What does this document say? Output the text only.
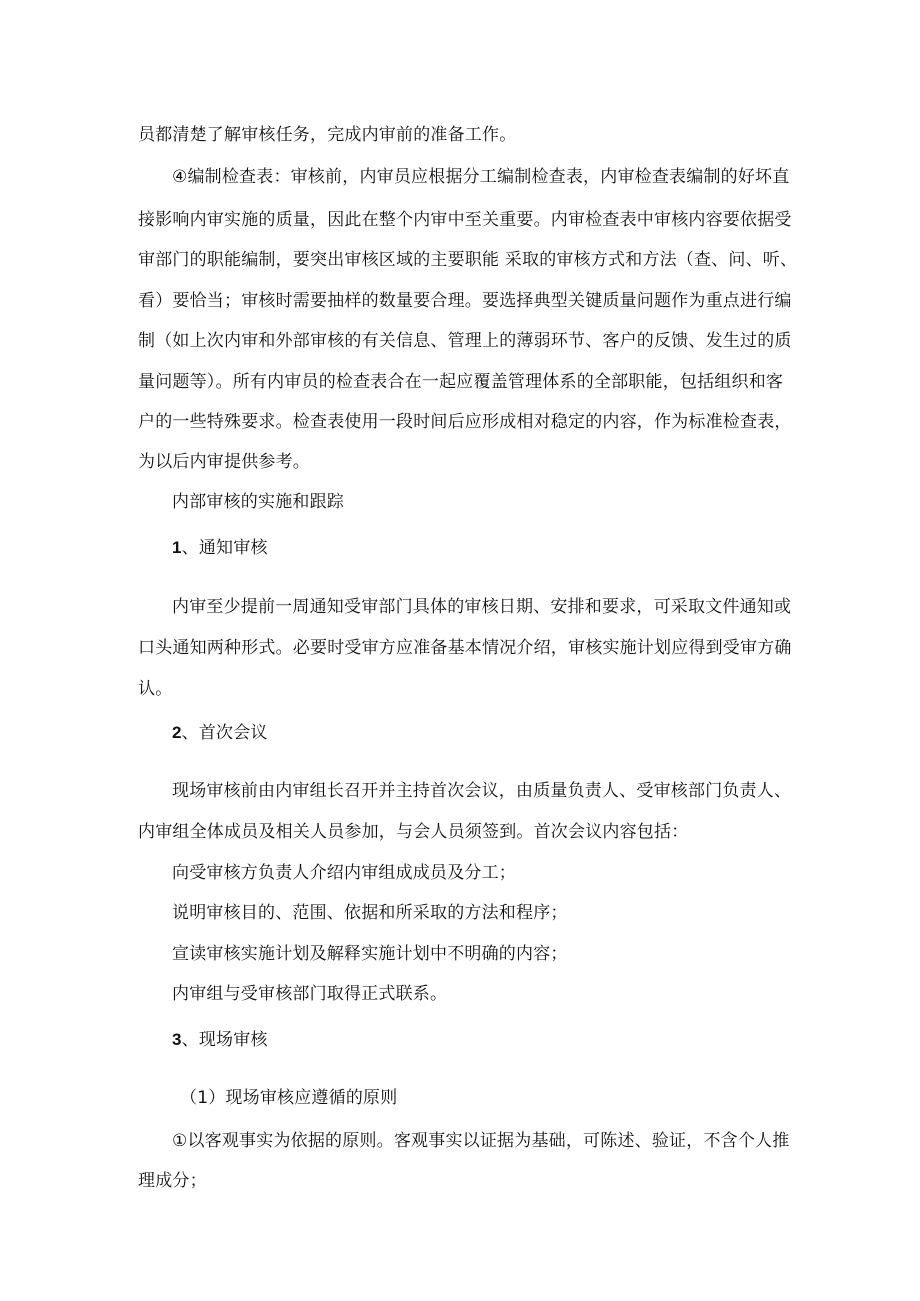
员都清楚了解审核任务，完成内审前的准备工作。
④编制检查表：审核前，内审员应根据分工编制检查表，内审检查表编制的好坏直
接影响内审实施的质量，因此在整个内审中至关重要。内审检查表中审核内容要依据受
审部门的职能编制，要突出审核区域的主要职能 采取的审核方式和方法（查、问、听、
看）要恰当；审核时需要抽样的数量要合理。要选择典型关键质量问题作为重点进行编
制（如上次内审和外部审核的有关信息、管理上的薄弱环节、客户的反馈、发生过的质
量问题等）。所有内审员的检查表合在一起应覆盖管理体系的全部职能，包括组织和客
户的一些特殊要求。检查表使用一段时间后应形成相对稳定的内容，作为标准检查表，
为以后内审提供参考。
内部审核的实施和跟踪
1、通知审核
内审至少提前一周通知受审部门具体的审核日期、安排和要求，可采取文件通知或
口头通知两种形式。必要时受审方应准备基本情况介绍，审核实施计划应得到受审方确
认。
2、首次会议
现场审核前由内审组长召开并主持首次会议，由质量负责人、受审核部门负责人、
内审组全体成员及相关人员参加，与会人员须签到。首次会议内容包括：
向受审核方负责人介绍内审组成成员及分工；
说明审核目的、范围、依据和所采取的方法和程序；
宣读审核实施计划及解释实施计划中不明确的内容；
内审组与受审核部门取得正式联系。
3、现场审核
（1）现场审核应遵循的原则
①以客观事实为依据的原则。客观事实以证据为基础，可陈述、验证，不含个人推
理成分；
